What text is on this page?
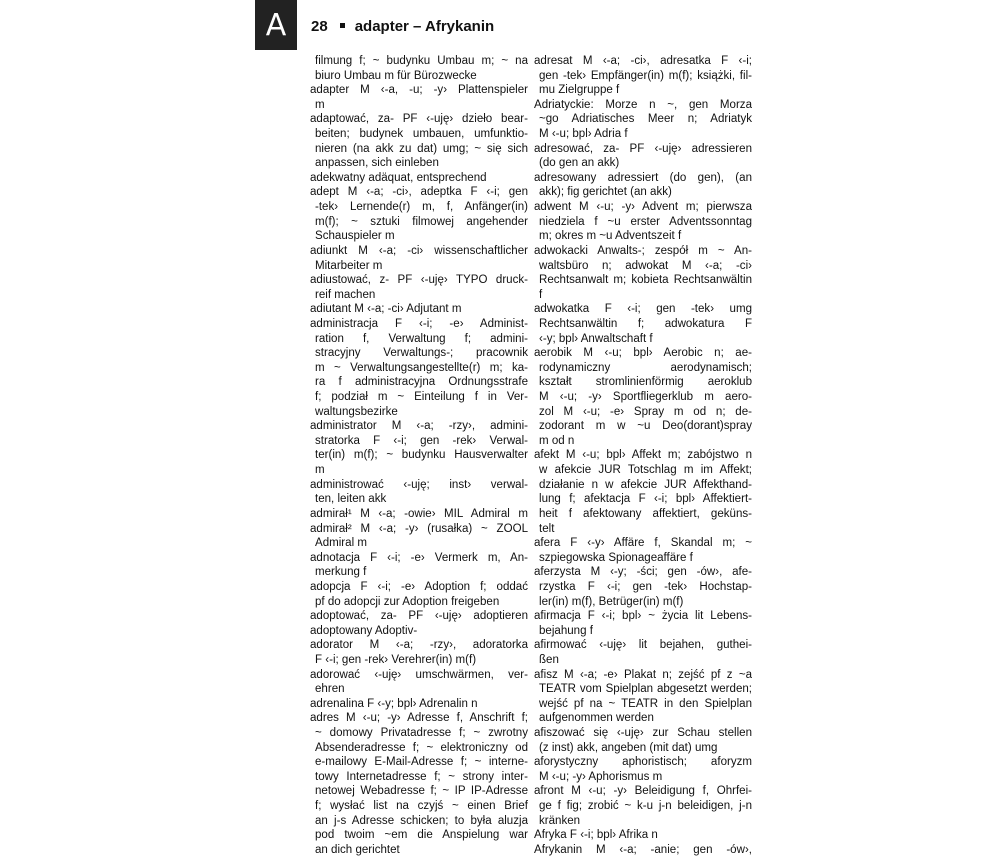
A	28 adapter – Afrykanin
filmung f; ~ budynku Umbau m; ~ na
biuro Umbau m für Bürozwecke
adapter M ‹-a, -u; -y› Plattenspieler
m
adaptować, za- PF ‹-uję› dzieło bear-
beiten; budynek umbauen, umfunktio-
nieren (na akk zu dat) umg; ~ się sich
anpassen, sich einleben
adekwatny adäquat, entsprechend
adept M ‹-a; -ci›, adeptka F ‹-i; gen
-tek› Lernende(r) m, f, Anfänger(in)
m(f); ~ sztuki filmowej angehender
Schauspieler m
adiunkt M ‹-a; -ci› wissenschaftlicher
Mitarbeiter m
adiustować, z- PF ‹-uję› TYPO druck-
reif machen
adiutant M ‹-a; -ci› Adjutant m
administracja F ‹-i; -e› Administ-
ration f, Verwaltung f; admini-
stracyjny Verwaltungs-; pracownik
m ~ Verwaltungsangestellte(r) m; ka-
ra f administracyjna Ordnungsstrafe
f; podział m ~ Einteilung f in Ver-
waltungsbezirke
administrator M ‹-a; -rzy›, admini-
stratorka F ‹-i; gen -rek› Verwal-
ter(in) m(f); ~ budynku Hausverwalter
m
administrować ‹-uję; inst› verwal-
ten, leiten akk
admirał¹ M ‹-a; -owie› MIL Admiral m
admirał² M ‹-a; -y› (rusałka) ~ ZOOL
Admiral m
adnotacja F ‹-i; -e› Vermerk m, An-
merkung f
adopcja F ‹-i; -e› Adoption f; oddać
pf do adopcji zur Adoption freigeben
adoptować, za- PF ‹-uję› adoptieren
adoptowany Adoptiv-
adorator M ‹-a; -rzy›, adoratorka
F ‹-i; gen -rek› Verehrer(in) m(f)
adorować ‹-uję› umschwärmen, ver-
ehren
adrenalina F ‹-y; bpl› Adrenalin n
adres M ‹-u; -y› Adresse f, Anschrift f;
~ domowy Privatadresse f; ~ zwrotny
Absenderadresse f; ~ elektroniczny od
e-mailowy E-Mail-Adresse f; ~ interne-
towy Internetadresse f; ~ strony inter-
netowej Webadresse f; ~ IP IP-Adresse
f; wysłać list na czyjś ~ einen Brief
an j-s Adresse schicken; to była aluzja
pod twoim ~em die Anspielung war
an dich gerichtet
adresat M ‹-a; -ci›, adresatka F ‹-i;
gen -tek› Empfänger(in) m(f); książki, fil-
mu Zielgruppe f
Adriatyckie: Morze n ~, gen Morza
~go Adriatisches Meer n; Adriatyk
M ‹-u; bpl› Adria f
adresować, za- PF ‹-uję› adressieren
(do gen an akk)
adresowany adressiert (do gen), (an
akk); fig gerichtet (an akk)
adwent M ‹-u; -y› Advent m; pierwsza
niedziela f ~u erster Adventssonntag
m; okres m ~u Adventszeit f
adwokacki Anwalts-; zespół m ~ An-
waltsbüro n; adwokat M ‹-a; -ci›
Rechtsanwalt m; kobieta Rechtsanwältin
f
adwokatka F ‹-i; gen -tek› umg
Rechtsanwältin f; adwokatura F
‹-y; bpl› Anwaltschaft f
aerobik M ‹-u; bpl› Aerobic n; ae-
rodynamiczny aerodynamisch;
kształt stromlinienförmig aeroklub
M ‹-u; -y› Sportfliegerklub m aero-
zol M ‹-u; -e› Spray m od n; de-
zodorant m w ~u Deo(dorant)spray
m od n
afekt M ‹-u; bpl› Affekt m; zabójstwo n
w afekcie JUR Totschlag m im Affekt;
działanie n w afekcie JUR Affekthand-
lung f; afektacja F ‹-i; bpl› Affektiert-
heit f afektowany affektiert, geküns-
telt
afera F ‹-y› Affäre f, Skandal m; ~
szpiegowska Spionageaffäre f
aferzysta M ‹-y; -ści; gen -ów›, afe-
rzystka F ‹-i; gen -tek› Hochstap-
ler(in) m(f), Betrüger(in) m(f)
afirmacja F ‹-i; bpl› ~ życia lit Lebens-
bejahung f
afirmować ‹-uję› lit bejahen, guthei-
ßen
afisz M ‹-a; -e› Plakat n; zejść pf z ~a
TEATR vom Spielplan abgesetzt werden;
wejść pf na ~ TEATR in den Spielplan
aufgenommen werden
afiszować się ‹-uję› zur Schau stellen
(z inst) akk, angeben (mit dat) umg
aforystyczny aphoristisch; aforyzm
M ‹-u; -y› Aphorismus m
afront M ‹-u; -y› Beleidigung f, Ohrfei-
ge f fig; zrobić ~ k-u j-n beleidigen, j-n
kränken
Afryka F ‹-i; bpl› Afrika n
Afrykanin M ‹-a; -anie; gen -ów›,
